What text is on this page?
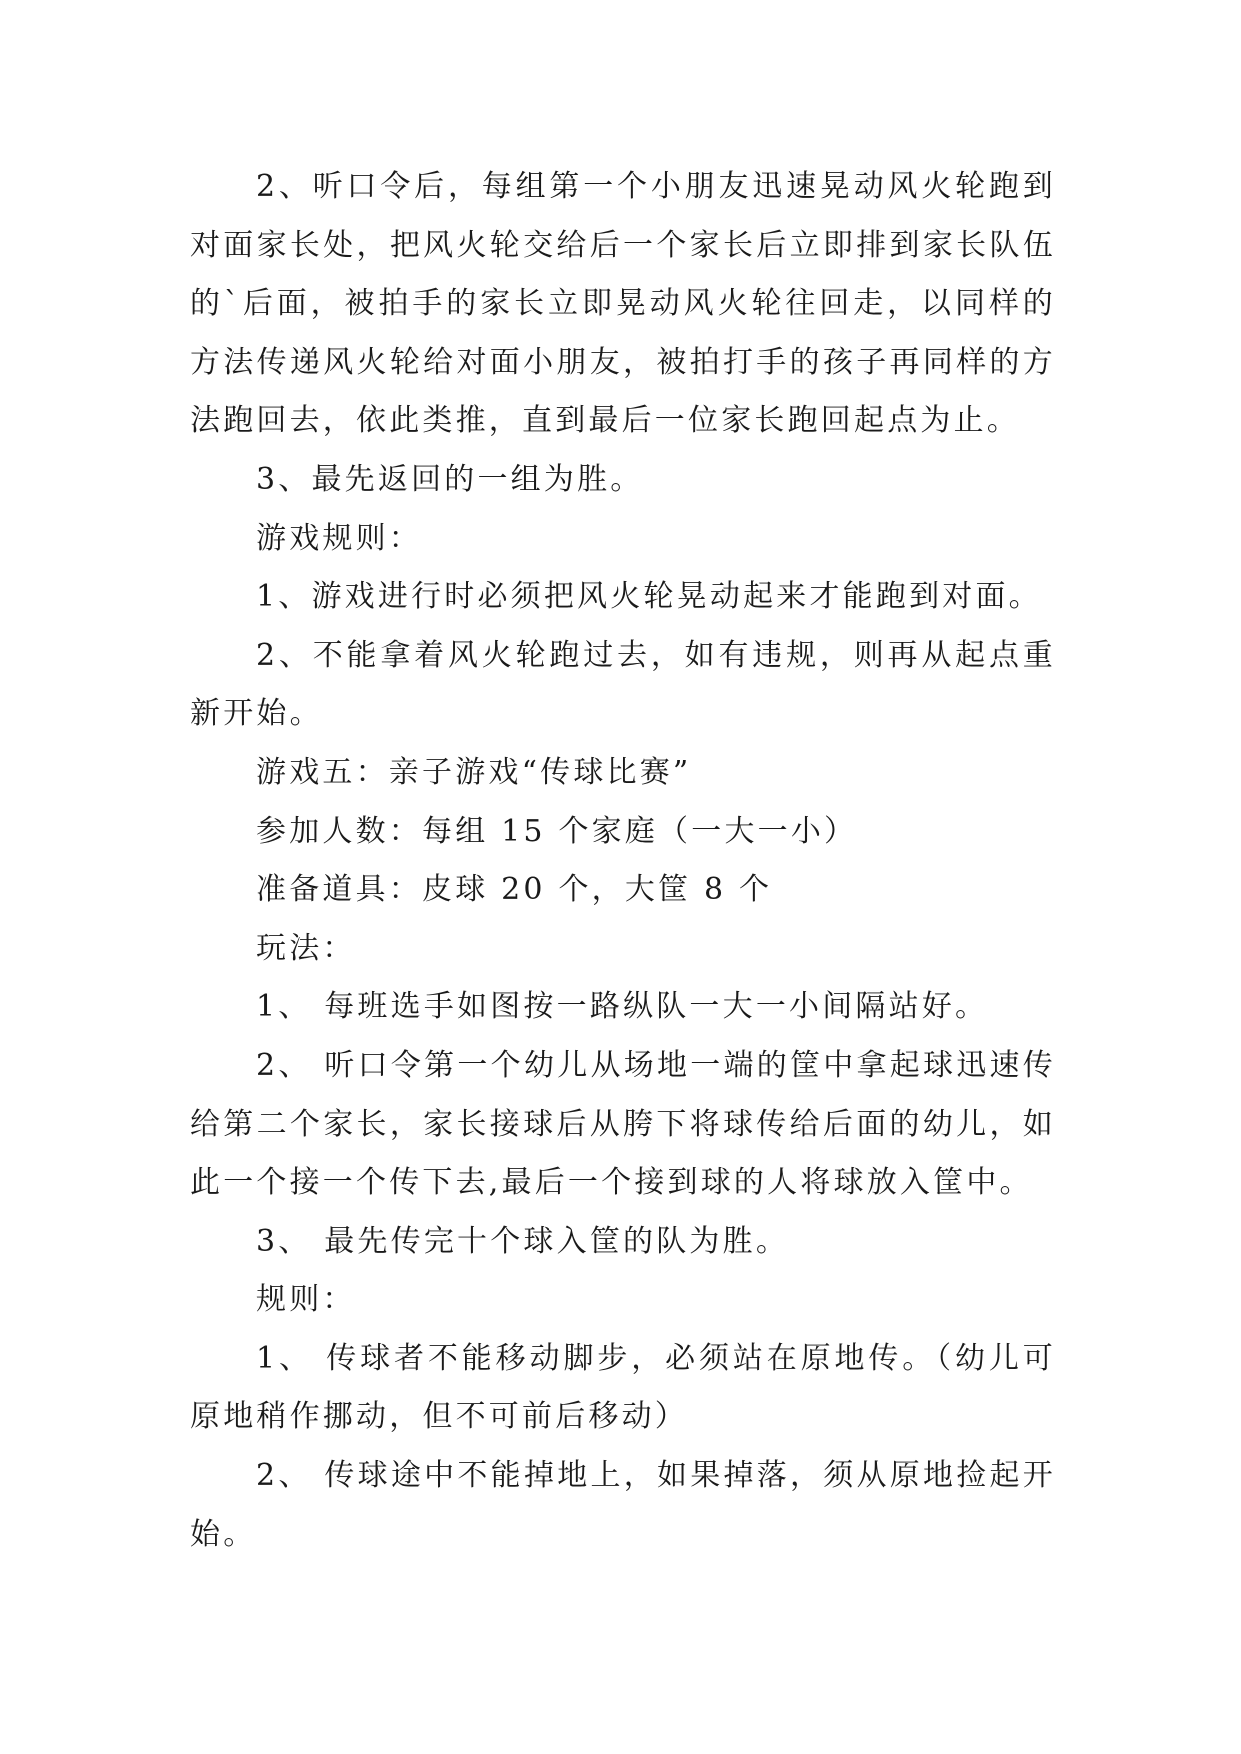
2、听口令后，每组第一个小朋友迅速晃动风火轮跑到对面家长处，把风火轮交给后一个家长后立即排到家长队伍的`后面，被拍手的家长立即晃动风火轮往回走，以同样的方法传递风火轮给对面小朋友，被拍打手的孩子再同样的方法跑回去，依此类推，直到最后一位家长跑回起点为止。

3、最先返回的一组为胜。

游戏规则：

1、游戏进行时必须把风火轮晃动起来才能跑到对面。

2、不能拿着风火轮跑过去，如有违规，则再从起点重新开始。

游戏五：亲子游戏“传球比赛”

参加人数：每组 15 个家庭（一大一小）

准备道具：皮球 20 个，大筐 8 个

玩法：

1、 每班选手如图按一路纵队一大一小间隔站好。

2、 听口令第一个幼儿从场地一端的筐中拿起球迅速传给第二个家长，家长接球后从胯下将球传给后面的幼儿，如此一个接一个传下去,最后一个接到球的人将球放入筐中。

3、 最先传完十个球入筐的队为胜。

规则：

1、 传球者不能移动脚步，必须站在原地传。（幼儿可原地稍作挪动，但不可前后移动）

2、 传球途中不能掉地上，如果掉落，须从原地捡起开始。
